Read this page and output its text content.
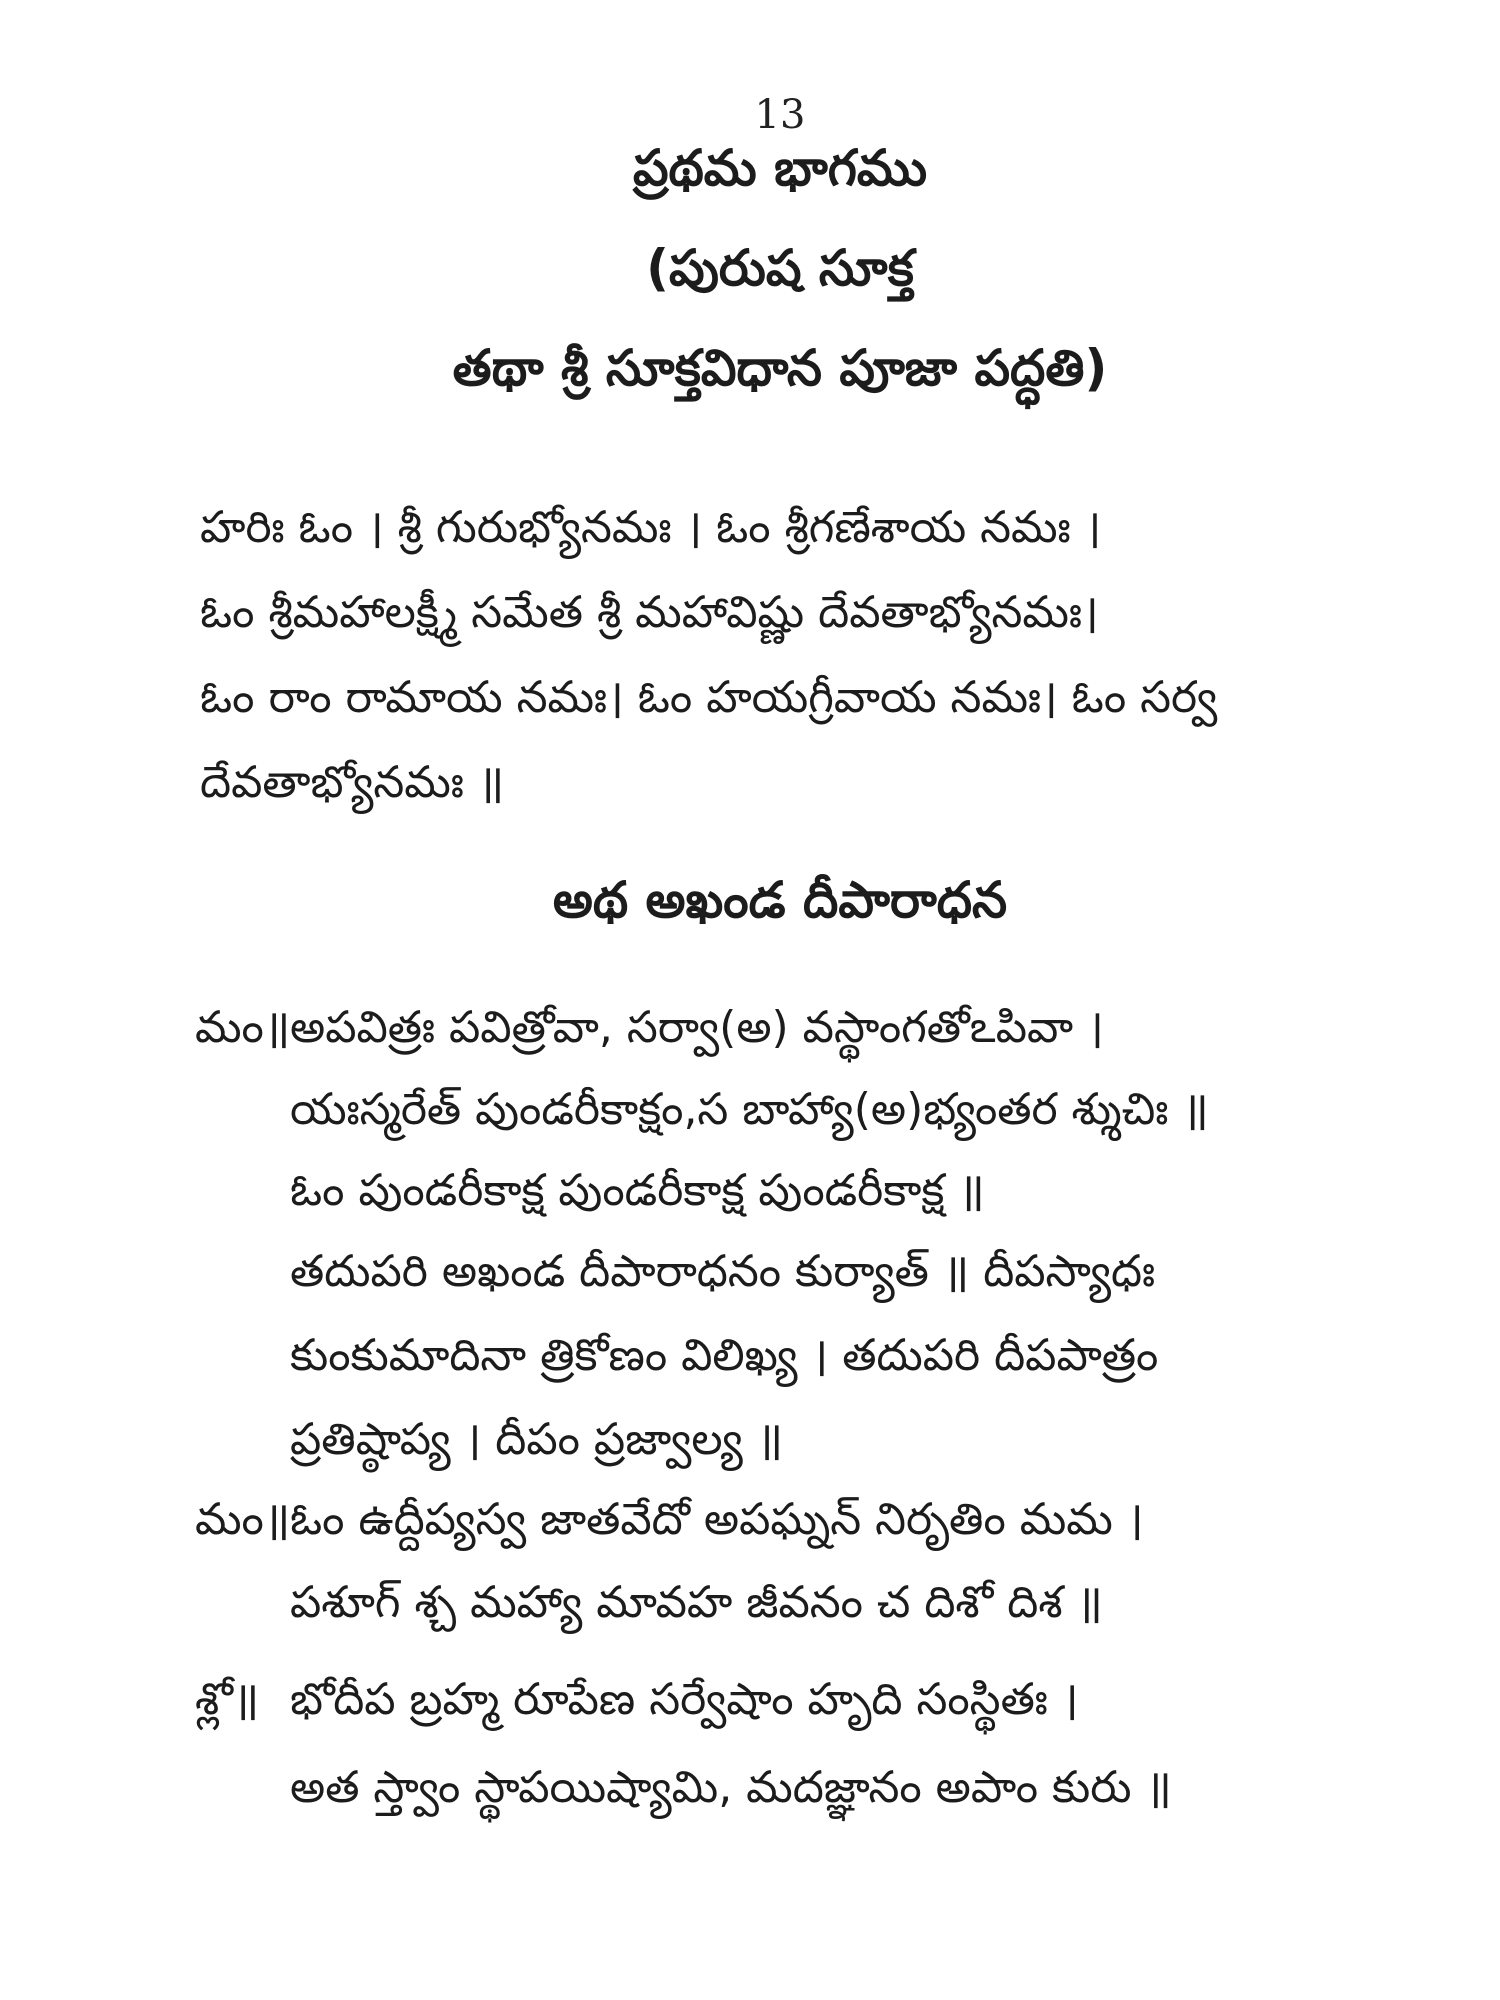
13
ప్రథమ భాగము
(పురుష సూక్త
తథా శ్రీ సూక్తవిధాన పూజా పద్ధతి)
హరిః ఓం । శ్రీ గురుభ్యోనమః । ఓం శ్రీగణేశాయ నమః ।
ఓం శ్రీమహాలక్ష్మీ సమేత శ్రీ మహావిష్ణు దేవతాభ్యోనమః।
ఓం రాం రామాయ నమః। ఓం హయగ్రీవాయ నమః। ఓం సర్వ
దేవతాభ్యోనమః ॥
అథ అఖండ దీపారాధన
మం॥ అపవిత్రః పవిత్రోవా, సర్వా(అ) వస్థాంగతోఽపివా ।
యఃస్మరేత్ పుండరీకాక్షం,స బాహ్యా(అ)భ్యంతర శ్శుచిః ॥
ఓం పుండరీకాక్ష పుండరీకాక్ష పుండరీకాక్ష ॥
తదుపరి అఖండ దీపారాధనం కుర్యాత్ ॥ దీపస్యాధః
కుంకుమాదినా త్రికోణం విలిఖ్య । తదుపరి దీపపాత్రం
ప్రతిష్ఠాప్య । దీపం ప్రజ్వాల్య ॥
మం॥ ఓం ఉద్దీప్యస్వ జాతవేదో అపఘ్నన్ నిరృతిం మమ ।
పశూగ్ శ్చ మహ్యా మావహ జీవనం చ దిశో దిశ ॥
శ్లో॥ భోదీప బ్రహ్మ రూపేణ సర్వేషాం హృది సంస్థితః ।
అత స్త్వాం స్థాపయిష్యామి, మదజ్ఞానం అపాం కురు ॥
